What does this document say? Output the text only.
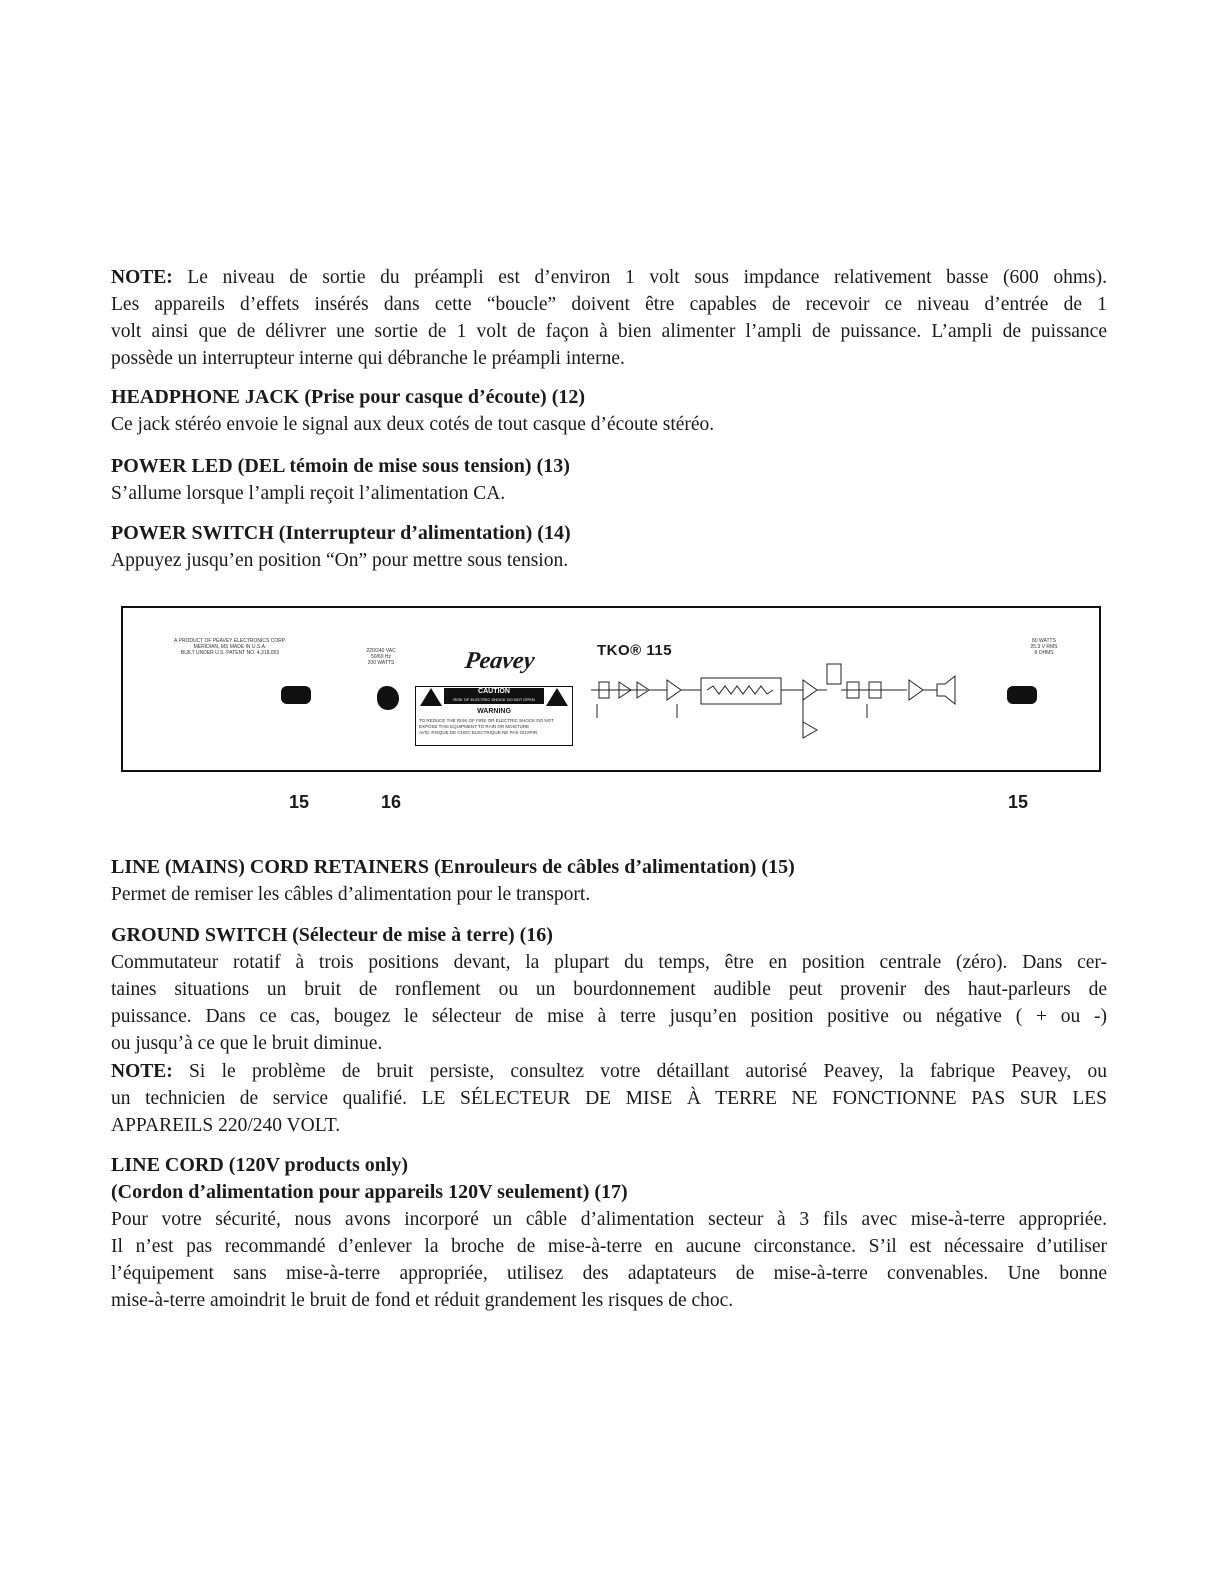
NOTE: Le niveau de sortie du préampli est d’environ 1 volt sous impdance relativement basse (600 ohms).

Les appareils d’effets insérés dans cette “boucle” doivent être capables de recevoir ce niveau d’entrée de 1

volt ainsi que de délivrer une sortie de 1 volt de façon à bien alimenter l’ampli de puissance. L’ampli de puissance

possède un interrupteur interne qui débranche le préampli interne.

HEADPHONE JACK (Prise pour casque d’écoute) (12)

Ce jack stéréo envoie le signal aux deux cotés de tout casque d’écoute stéréo.

POWER LED (DEL témoin de mise sous tension) (13)

S’allume lorsque l’ampli reçoit l’alimentation CA.

POWER SWITCH (Interrupteur d’alimentation) (14)

Appuyez jusqu’en position “On” pour mettre sous tension.

A PRODUCT OF PEAVEY ELECTRONICS CORP.
MERIDIAN, MS MADE IN U.S.A.
BUILT UNDER U.S. PATENT NO. 4,318,053	220/240 VAC
50/60 Hz
200 WATTS	Peavey
CAUTION
RISK OF ELECTRIC SHOCK DO NOT OPEN
WARNING
TO REDUCE THE RISK OF FIRE OR ELECTRIC SHOCK DO NOT EXPOSE THIS EQUIPMENT TO RAIN OR MOISTURE
AVIS: RISQUE DE CHOC ELECTRIQUE-NE PAS OUVRIR
TKO® 115
80 WATTS
25.3 V RMS
8 OHMS
15	16	15

LINE (MAINS) CORD RETAINERS (Enrouleurs de câbles d’alimentation) (15)

Permet de remiser les câbles d’alimentation pour le transport.

GROUND SWITCH (Sélecteur de mise à terre) (16)

Commutateur rotatif à trois positions devant, la plupart du temps, être en position centrale (zéro). Dans cer-

taines situations un bruit de ronflement ou un bourdonnement audible peut provenir des haut-parleurs de

puissance. Dans ce cas, bougez le sélecteur de mise à terre jusqu’en position positive ou négative ( + ou -)

ou jusqu’à ce que le bruit diminue.

NOTE: Si le problème de bruit persiste, consultez votre détaillant autorisé Peavey, la fabrique Peavey, ou

un technicien de service qualifié. LE SÉLECTEUR DE MISE À TERRE NE FONCTIONNE PAS SUR LES

APPAREILS 220/240 VOLT.

LINE CORD (120V products only)

(Cordon d’alimentation pour appareils 120V seulement) (17)

Pour votre sécurité, nous avons incorporé un câble d’alimentation secteur à 3 fils avec mise-à-terre appropriée.

Il n’est pas recommandé d’enlever la broche de mise-à-terre en aucune circonstance. S’il est nécessaire d’utiliser

l’équipement sans mise-à-terre appropriée, utilisez des adaptateurs de mise-à-terre convenables. Une bonne

mise-à-terre amoindrit le bruit de fond et réduit grandement les risques de choc.
